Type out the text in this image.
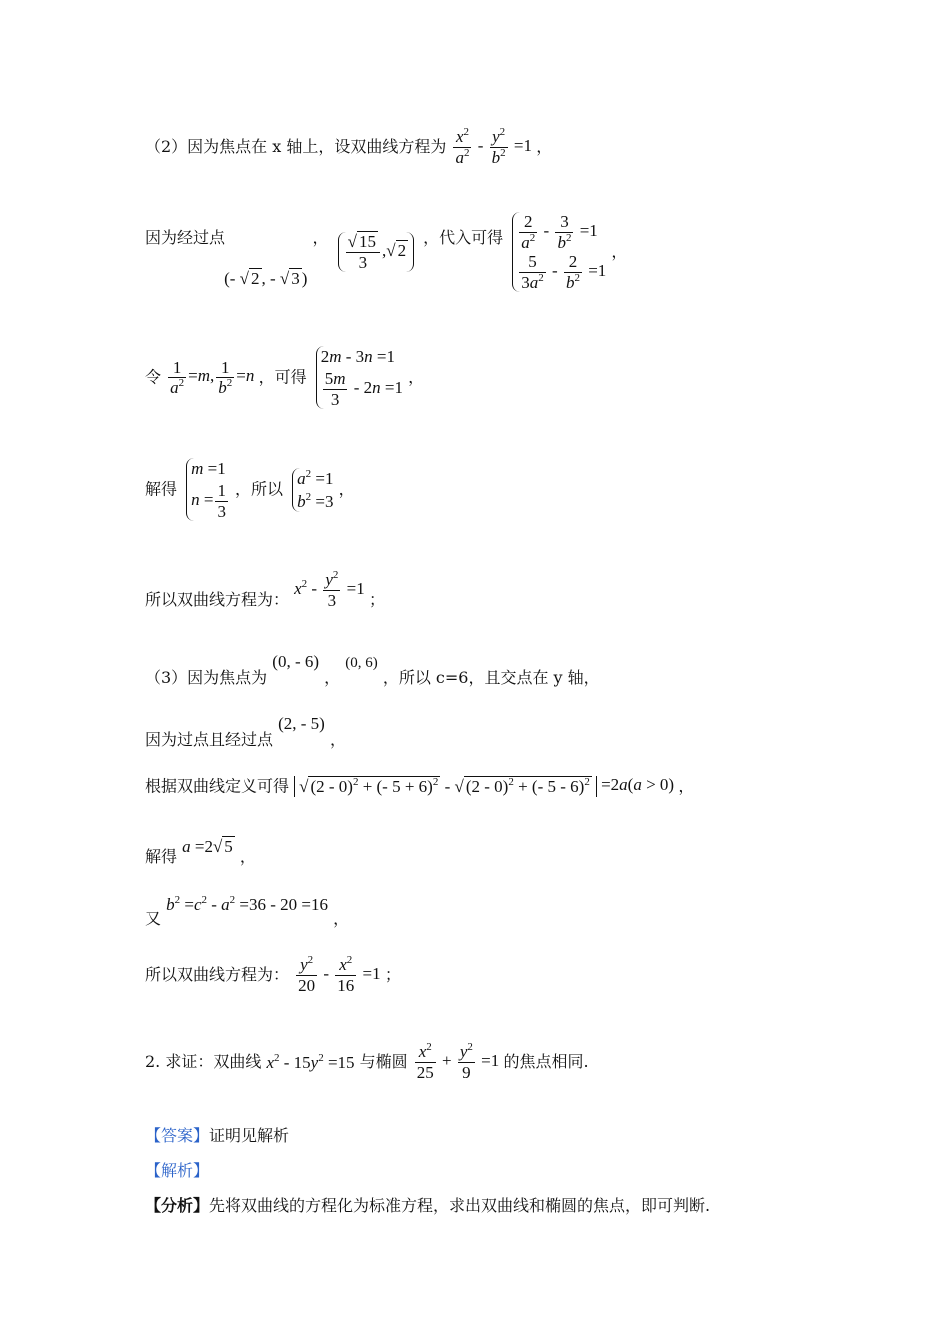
（2）因为焦点在 x 轴上，设双曲线方程为 $\frac{x^2}{a^2} - \frac{y^2}{b^2} =1$ ，
因为经过点 (- √ 2 , - √ 3 ) ， $\frac{√ 15}{3}$ ,√ 2 ，代入可得 $\frac{2}{a^2} - \frac{3}{b^2} =1$
$\frac{5}{3a^2} - \frac{2}{b^2} =1$
，
令 $\frac{1}{a^2} =m$, $\frac{1}{b^2} =n$ ，可得
2m - 3n =1
$\frac{5m}{3} - 2n =1$
，
解得
m =1
$n = \frac{1}{3}$ ，所以
$a^2 =1$
$b^2 =3$
，
所以双曲线方程为： $x^2 - \frac{y^2}{3} =1$ ；
（3）因为焦点为 (0, - 6) ， (0, 6) ，所以 c=6，且交点在 y 轴，
因为过点且经过点 (2, - 5) ，
根据双曲线定义可得 √ (2 - 0)$^2$ + (- 5 + 6)$^2$ - √ (2 - 0)$^2$ + (- 5 - 6)$^2$ =2a(a > 0) ，
解得 a =2√ 5 ，
又 $b^2 =c^2 - a^2 =36 - 20 =16$ ，
所以双曲线方程为： $\frac{y^2}{20} - \frac{x^2}{16} =1$ ；
2. 求证：双曲线 $x^2 - 15y^2 =15$ 与椭圆 $\frac{x^2}{25} + \frac{y^2}{9} =1$ 的焦点相同.
【答案】证明见解析
【解析】
【分析】先将双曲线的方程化为标准方程，求出双曲线和椭圆的焦点，即可判断.
